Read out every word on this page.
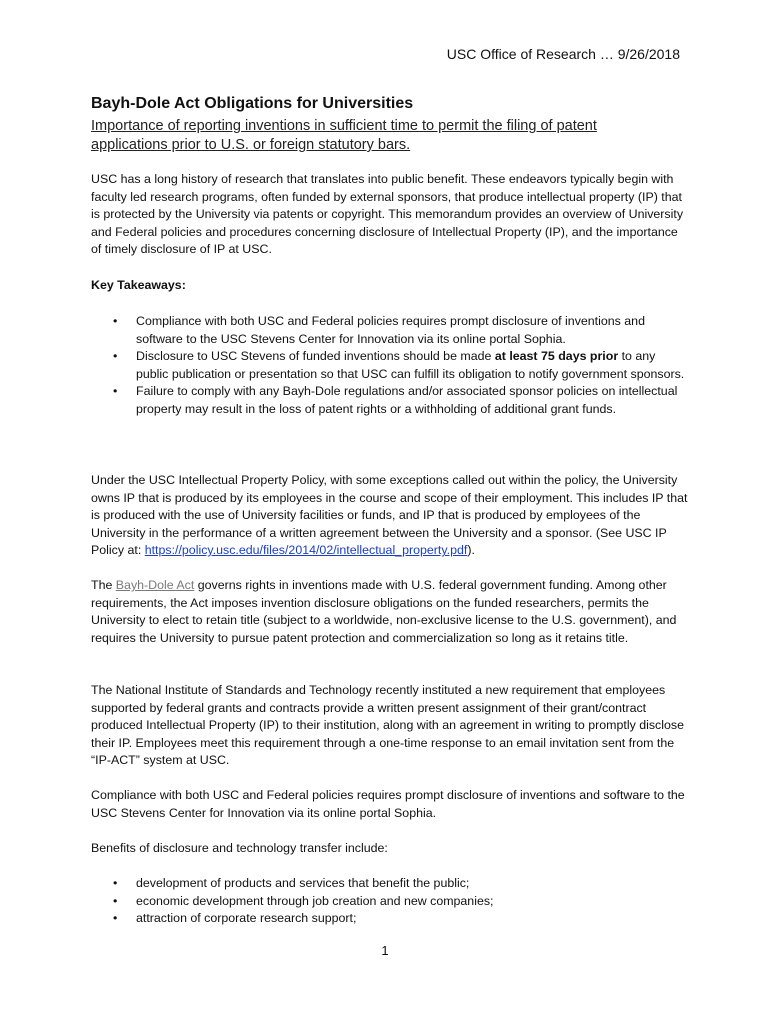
USC Office of Research … 9/26/2018
Bayh-Dole Act Obligations for Universities
Importance of reporting inventions in sufficient time to permit the filing of patent applications prior to U.S. or foreign statutory bars.
USC has a long history of research that translates into public benefit. These endeavors typically begin with faculty led research programs, often funded by external sponsors, that produce intellectual property (IP) that is protected by the University via patents or copyright. This memorandum provides an overview of University and Federal policies and procedures concerning disclosure of Intellectual Property (IP), and the importance of timely disclosure of IP at USC.
Key Takeaways:
• Compliance with both USC and Federal policies requires prompt disclosure of inventions and software to the USC Stevens Center for Innovation via its online portal Sophia.
• Disclosure to USC Stevens of funded inventions should be made at least 75 days prior to any public publication or presentation so that USC can fulfill its obligation to notify government sponsors.
• Failure to comply with any Bayh-Dole regulations and/or associated sponsor policies on intellectual property may result in the loss of patent rights or a withholding of additional grant funds.
Under the USC Intellectual Property Policy, with some exceptions called out within the policy, the University owns IP that is produced by its employees in the course and scope of their employment. This includes IP that is produced with the use of University facilities or funds, and IP that is produced by employees of the University in the performance of a written agreement between the University and a sponsor. (See USC IP Policy at: https://policy.usc.edu/files/2014/02/intellectual_property.pdf).
The Bayh-Dole Act governs rights in inventions made with U.S. federal government funding. Among other requirements, the Act imposes invention disclosure obligations on the funded researchers, permits the University to elect to retain title (subject to a worldwide, non-exclusive license to the U.S. government), and requires the University to pursue patent protection and commercialization so long as it retains title.
The National Institute of Standards and Technology recently instituted a new requirement that employees supported by federal grants and contracts provide a written present assignment of their grant/contract produced Intellectual Property (IP) to their institution, along with an agreement in writing to promptly disclose their IP. Employees meet this requirement through a one-time response to an email invitation sent from the “IP-ACT” system at USC.
Compliance with both USC and Federal policies requires prompt disclosure of inventions and software to the USC Stevens Center for Innovation via its online portal Sophia.
Benefits of disclosure and technology transfer include:
• development of products and services that benefit the public;
• economic development through job creation and new companies;
• attraction of corporate research support;
1
